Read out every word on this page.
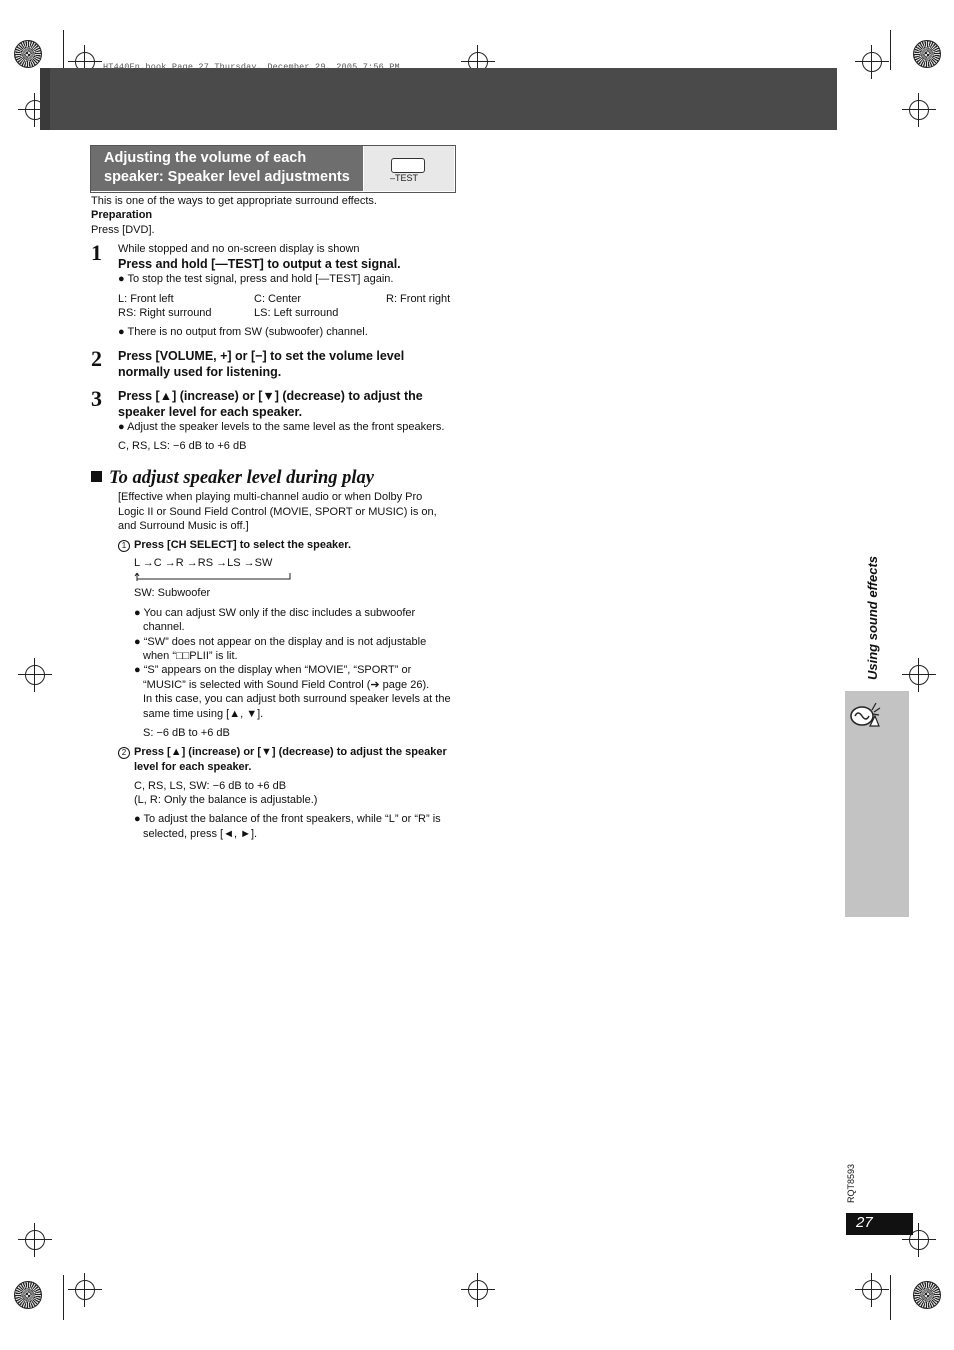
HT440En.book Page 27 Thursday, December 29, 2005 7:56 PM
Adjusting the volume of each
speaker: Speaker level adjustments	–TEST
This is one of the ways to get appropriate surround effects.
Preparation
Press [DVD].
1 While stopped and no on-screen display is shown
Press and hold [—TEST] to output a test signal.
● To stop the test signal, press and hold [—TEST] again.
L: Front left	C: Center	R: Front right
RS: Right surround	LS: Left surround
● There is no output from SW (subwoofer) channel.
2 Press [VOLUME, +] or [−] to set the volume level
normally used for listening.
3 Press [▲] (increase) or [▼] (decrease) to adjust the
speaker level for each speaker.
● Adjust the speaker levels to the same level as the front speakers.
C, RS, LS: −6 dB to +6 dB
To adjust speaker level during play
[Effective when playing multi-channel audio or when Dolby Pro
Logic II or Sound Field Control (MOVIE, SPORT or MUSIC) is on,
and Surround Music is off.]
1 Press [CH SELECT] to select the speaker.
L →C →R →RS →LS →SW
SW: Subwoofer
● You can adjust SW only if the disc includes a subwoofer
channel.
● “SW” does not appear on the display and is not adjustable
when “□□PLII” is lit.
● “S” appears on the display when “MOVIE”, “SPORT” or
“MUSIC” is selected with Sound Field Control (➔ page 26).
In this case, you can adjust both surround speaker levels at the
same time using [▲, ▼].
S: −6 dB to +6 dB
2 Press [▲] (increase) or [▼] (decrease) to adjust the speaker
level for each speaker.
C, RS, LS, SW: −6 dB to +6 dB
(L, R: Only the balance is adjustable.)
● To adjust the balance of the front speakers, while “L” or “R” is
selected, press [◄, ►].
Using sound effects
RQT8593
27
